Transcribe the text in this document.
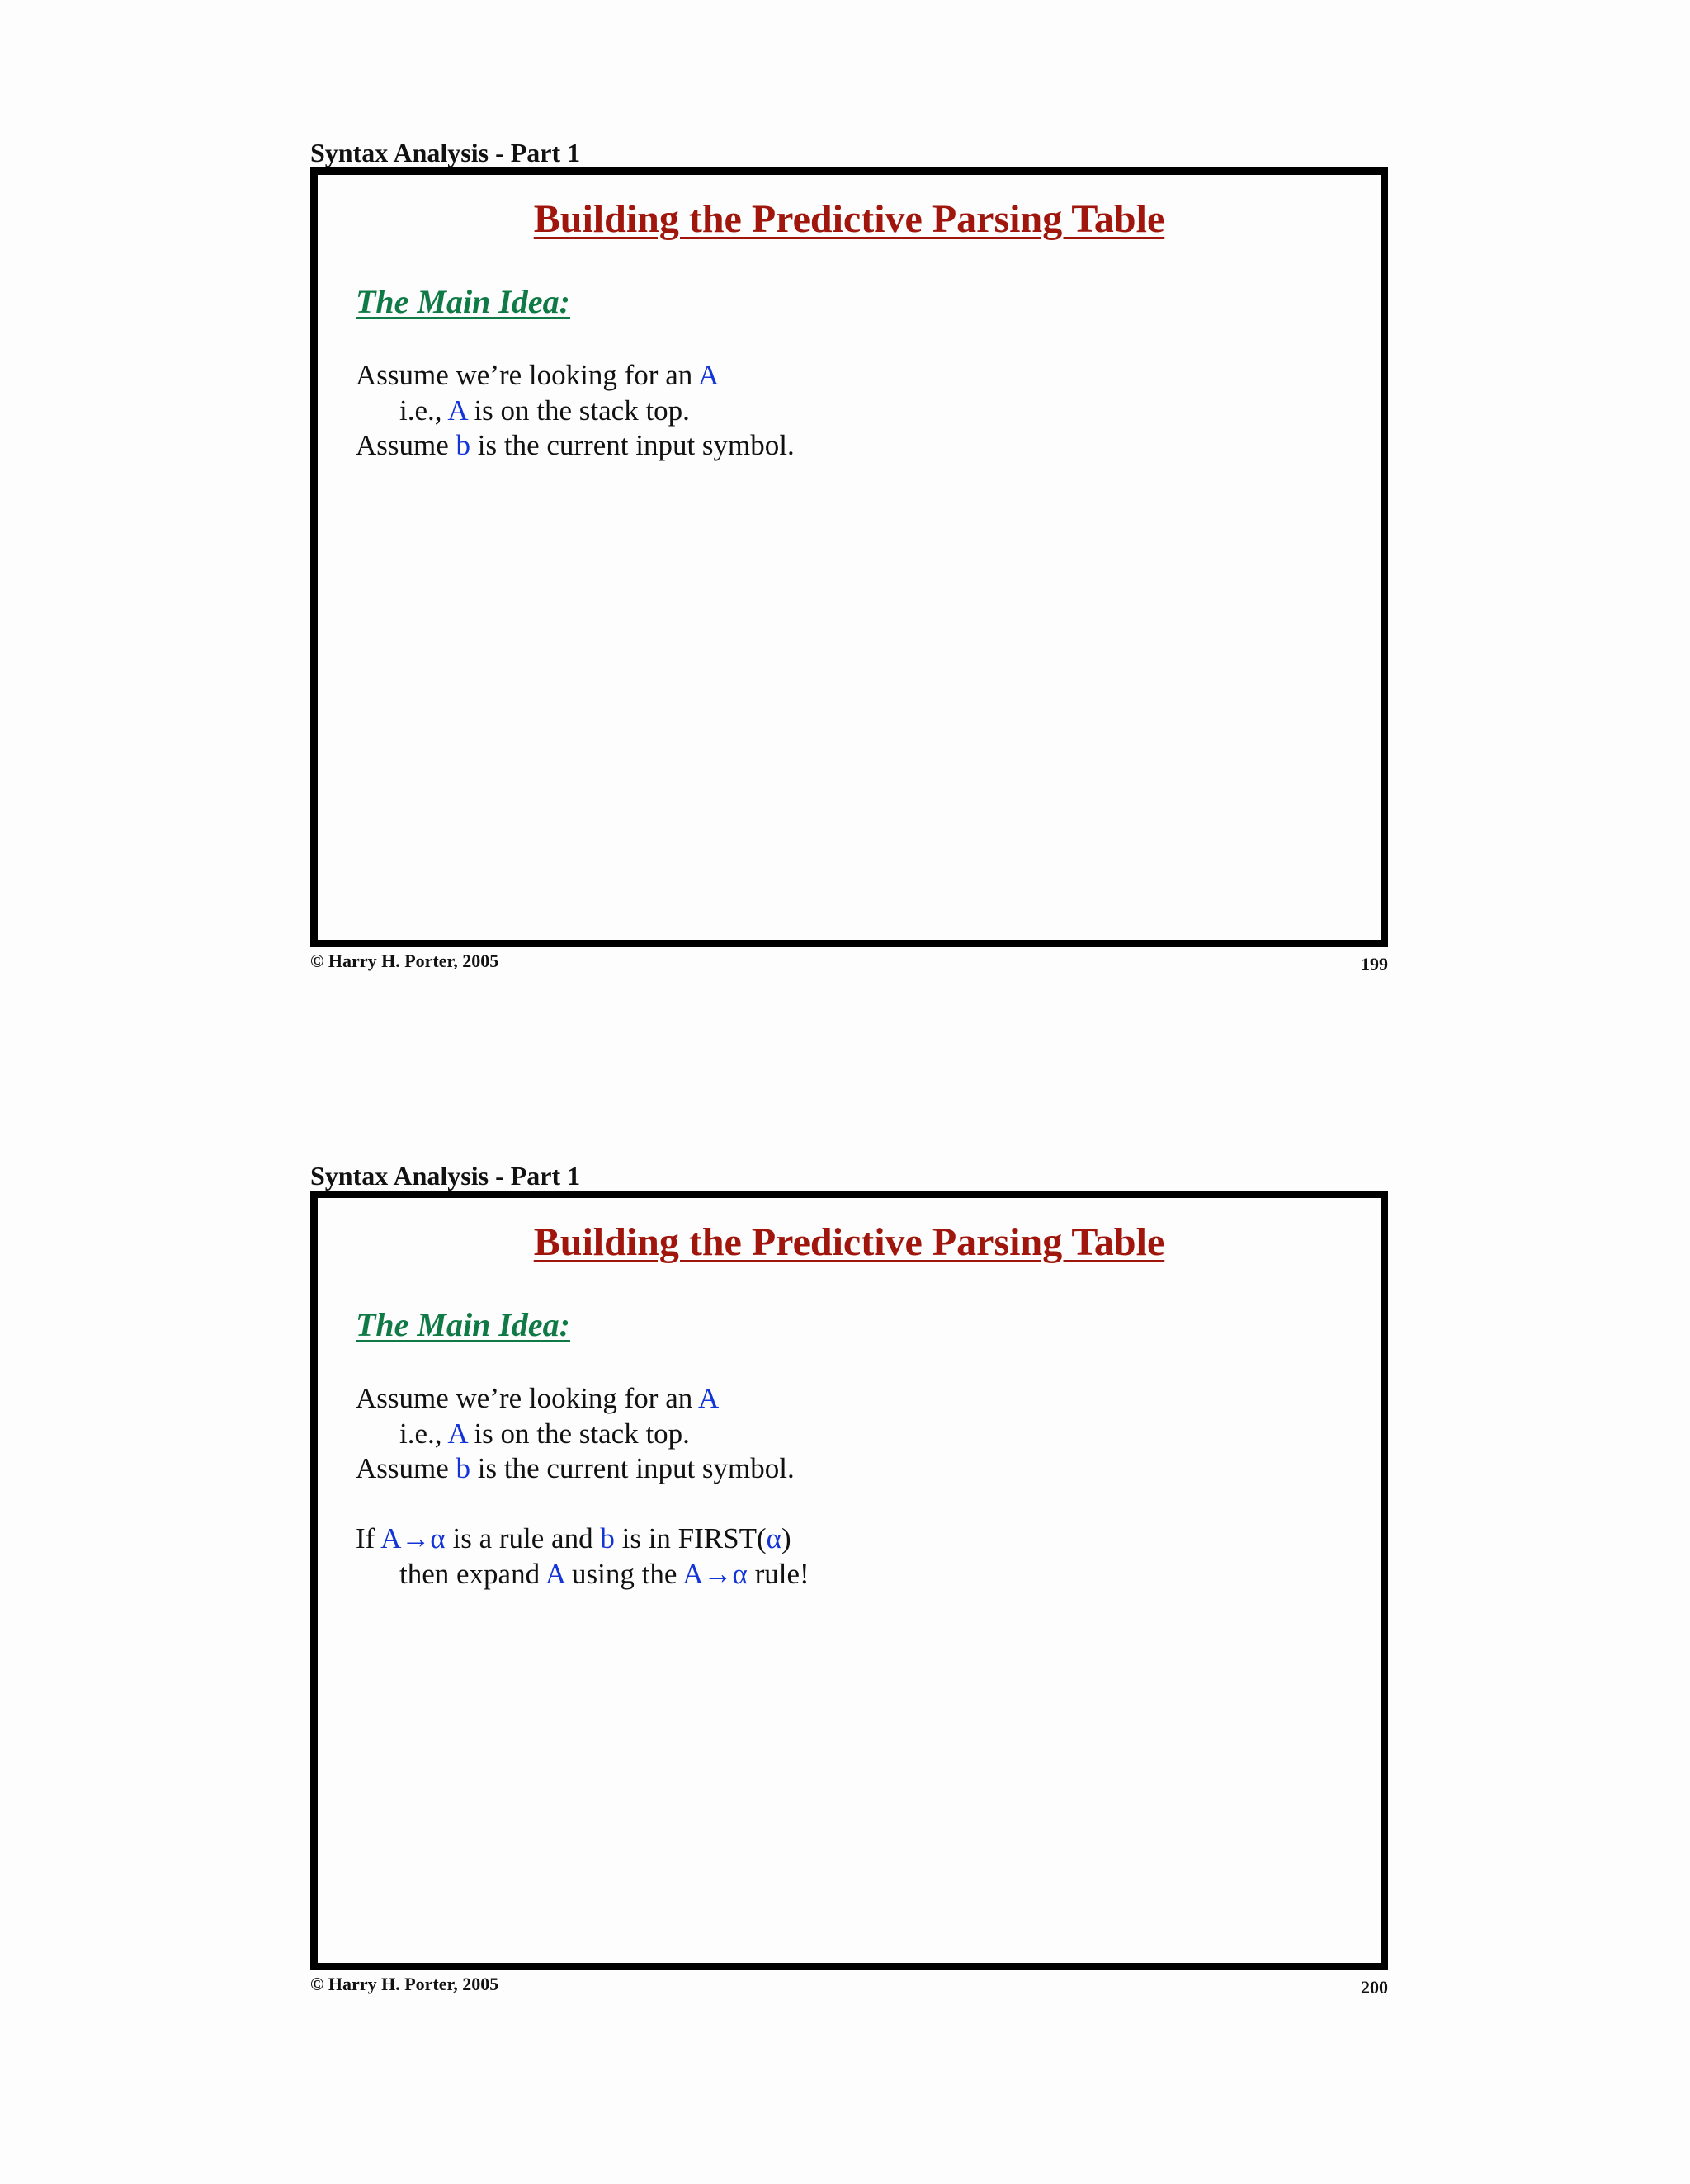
Syntax Analysis - Part 1
Building the Predictive Parsing Table
The Main Idea:
Assume we’re looking for an A
i.e., A is on the stack top.
Assume b is the current input symbol.
© Harry H. Porter, 2005	199
Syntax Analysis - Part 1
Building the Predictive Parsing Table
The Main Idea:
Assume we’re looking for an A
i.e., A is on the stack top.
Assume b is the current input symbol.
If A→α is a rule and b is in FIRST(α)
then expand A using the A→α rule!
© Harry H. Porter, 2005	200
